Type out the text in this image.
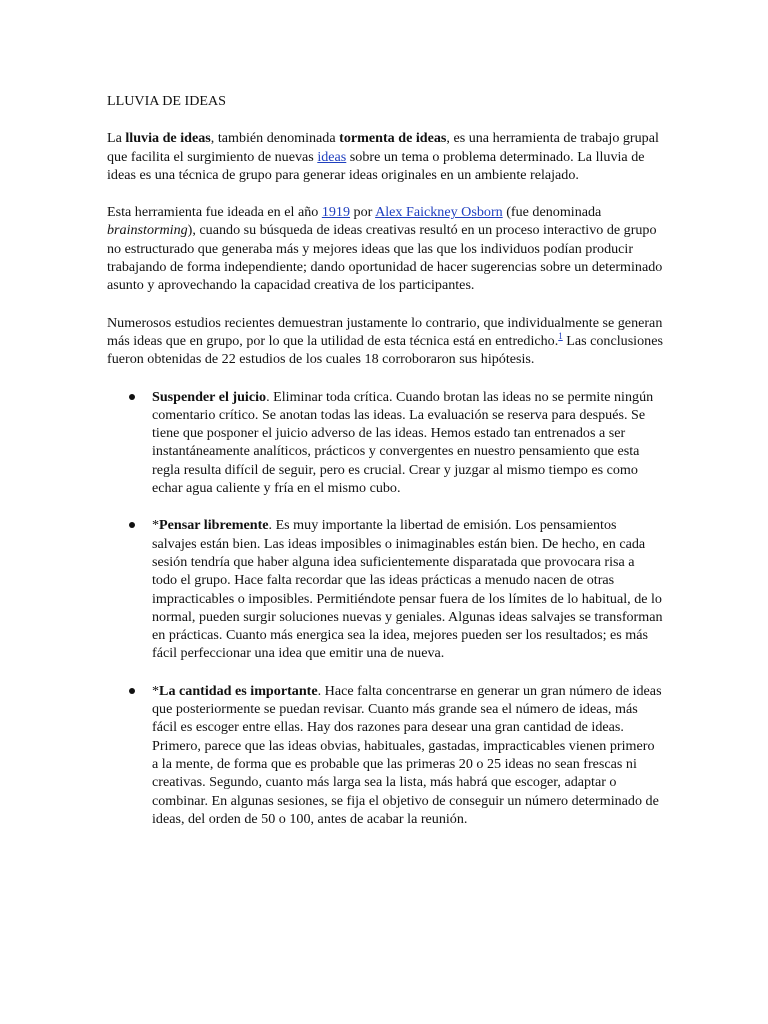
LLUVIA DE IDEAS

La lluvia de ideas, también denominada tormenta de ideas, es una herramienta de trabajo grupal que facilita el surgimiento de nuevas ideas sobre un tema o problema determinado. La lluvia de ideas es una técnica de grupo para generar ideas originales en un ambiente relajado.

Esta herramienta fue ideada en el año 1919 por Alex Faickney Osborn (fue denominada brainstorming), cuando su búsqueda de ideas creativas resultó en un proceso interactivo de grupo no estructurado que generaba más y mejores ideas que las que los individuos podían producir trabajando de forma independiente; dando oportunidad de hacer sugerencias sobre un determinado asunto y aprovechando la capacidad creativa de los participantes.

Numerosos estudios recientes demuestran justamente lo contrario, que individualmente se generan más ideas que en grupo, por lo que la utilidad de esta técnica está en entredicho.$^1$ Las conclusiones fueron obtenidas de 22 estudios de los cuales 18 corroboraron sus hipótesis.

Suspender el juicio. Eliminar toda crítica. Cuando brotan las ideas no se permite ningún comentario crítico. Se anotan todas las ideas. La evaluación se reserva para después. Se tiene que posponer el juicio adverso de las ideas. Hemos estado tan entrenados a ser instantáneamente analíticos, prácticos y convergentes en nuestro pensamiento que esta regla resulta difícil de seguir, pero es crucial. Crear y juzgar al mismo tiempo es como echar agua caliente y fría en el mismo cubo.
*Pensar libremente. Es muy importante la libertad de emisión. Los pensamientos salvajes están bien. Las ideas imposibles o inimaginables están bien. De hecho, en cada sesión tendría que haber alguna idea suficientemente disparatada que provocara risa a todo el grupo. Hace falta recordar que las ideas prácticas a menudo nacen de otras impracticables o imposibles. Permitiéndote pensar fuera de los límites de lo habitual, de lo normal, pueden surgir soluciones nuevas y geniales. Algunas ideas salvajes se transforman en prácticas. Cuanto más energica sea la idea, mejores pueden ser los resultados; es más fácil perfeccionar una idea que emitir una de nueva.
*La cantidad es importante. Hace falta concentrarse en generar un gran número de ideas que posteriormente se puedan revisar. Cuanto más grande sea el número de ideas, más fácil es escoger entre ellas. Hay dos razones para desear una gran cantidad de ideas. Primero, parece que las ideas obvias, habituales, gastadas, impracticables vienen primero a la mente, de forma que es probable que las primeras 20 o 25 ideas no sean frescas ni creativas. Segundo, cuanto más larga sea la lista, más habrá que escoger, adaptar o combinar. En algunas sesiones, se fija el objetivo de conseguir un número determinado de ideas, del orden de 50 o 100, antes de acabar la reunión.
